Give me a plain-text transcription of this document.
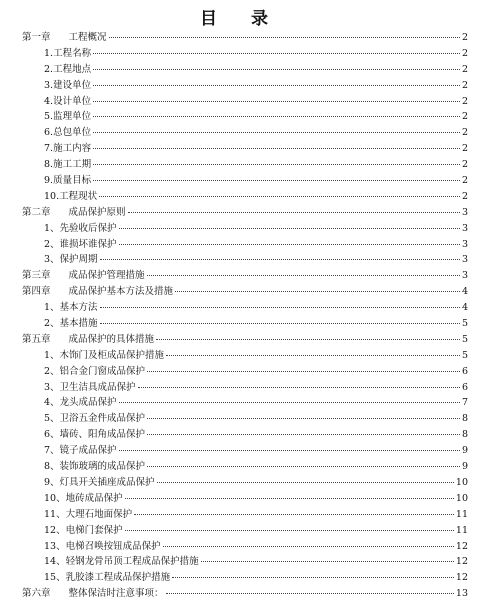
目 录
第一章 工程概况	2
1.工程名称	2
2.工程地点	2
3.建设单位	2
4.设计单位	2
5.监理单位	2
6.总包单位	2
7.施工内容	2
8.施工工期	2
9.质量目标	2
10.工程现状	2
第二章 成品保护原则	3
1、先验收后保护	3
2、谁损坏谁保护	3
3、保护周期	3
第三章 成品保护管理措施	3
第四章 成品保护基本方法及措施	4
1、基本方法	4
2、基本措施	5
第五章 成品保护的具体措施	5
1、木饰门及柜成品保护措施	5
2、铝合金门窗成品保护	6
3、卫生洁具成品保护	6
4、龙头成品保护	7
5、卫浴五金件成品保护	8
6、墙砖、阳角成品保护	8
7、镜子成品保护	9
8、装饰玻璃的成品保护	9
9、灯具开关插座成品保护	10
10、地砖成品保护	10
11、大理石地面保护	11
12、电梯门套保护	11
13、电梯召唤按钮成品保护	12
14、轻钢龙骨吊顶工程成品保护措施	12
15、乳胶漆工程成品保护措施	12
第六章 整体保洁时注意事项：	13
